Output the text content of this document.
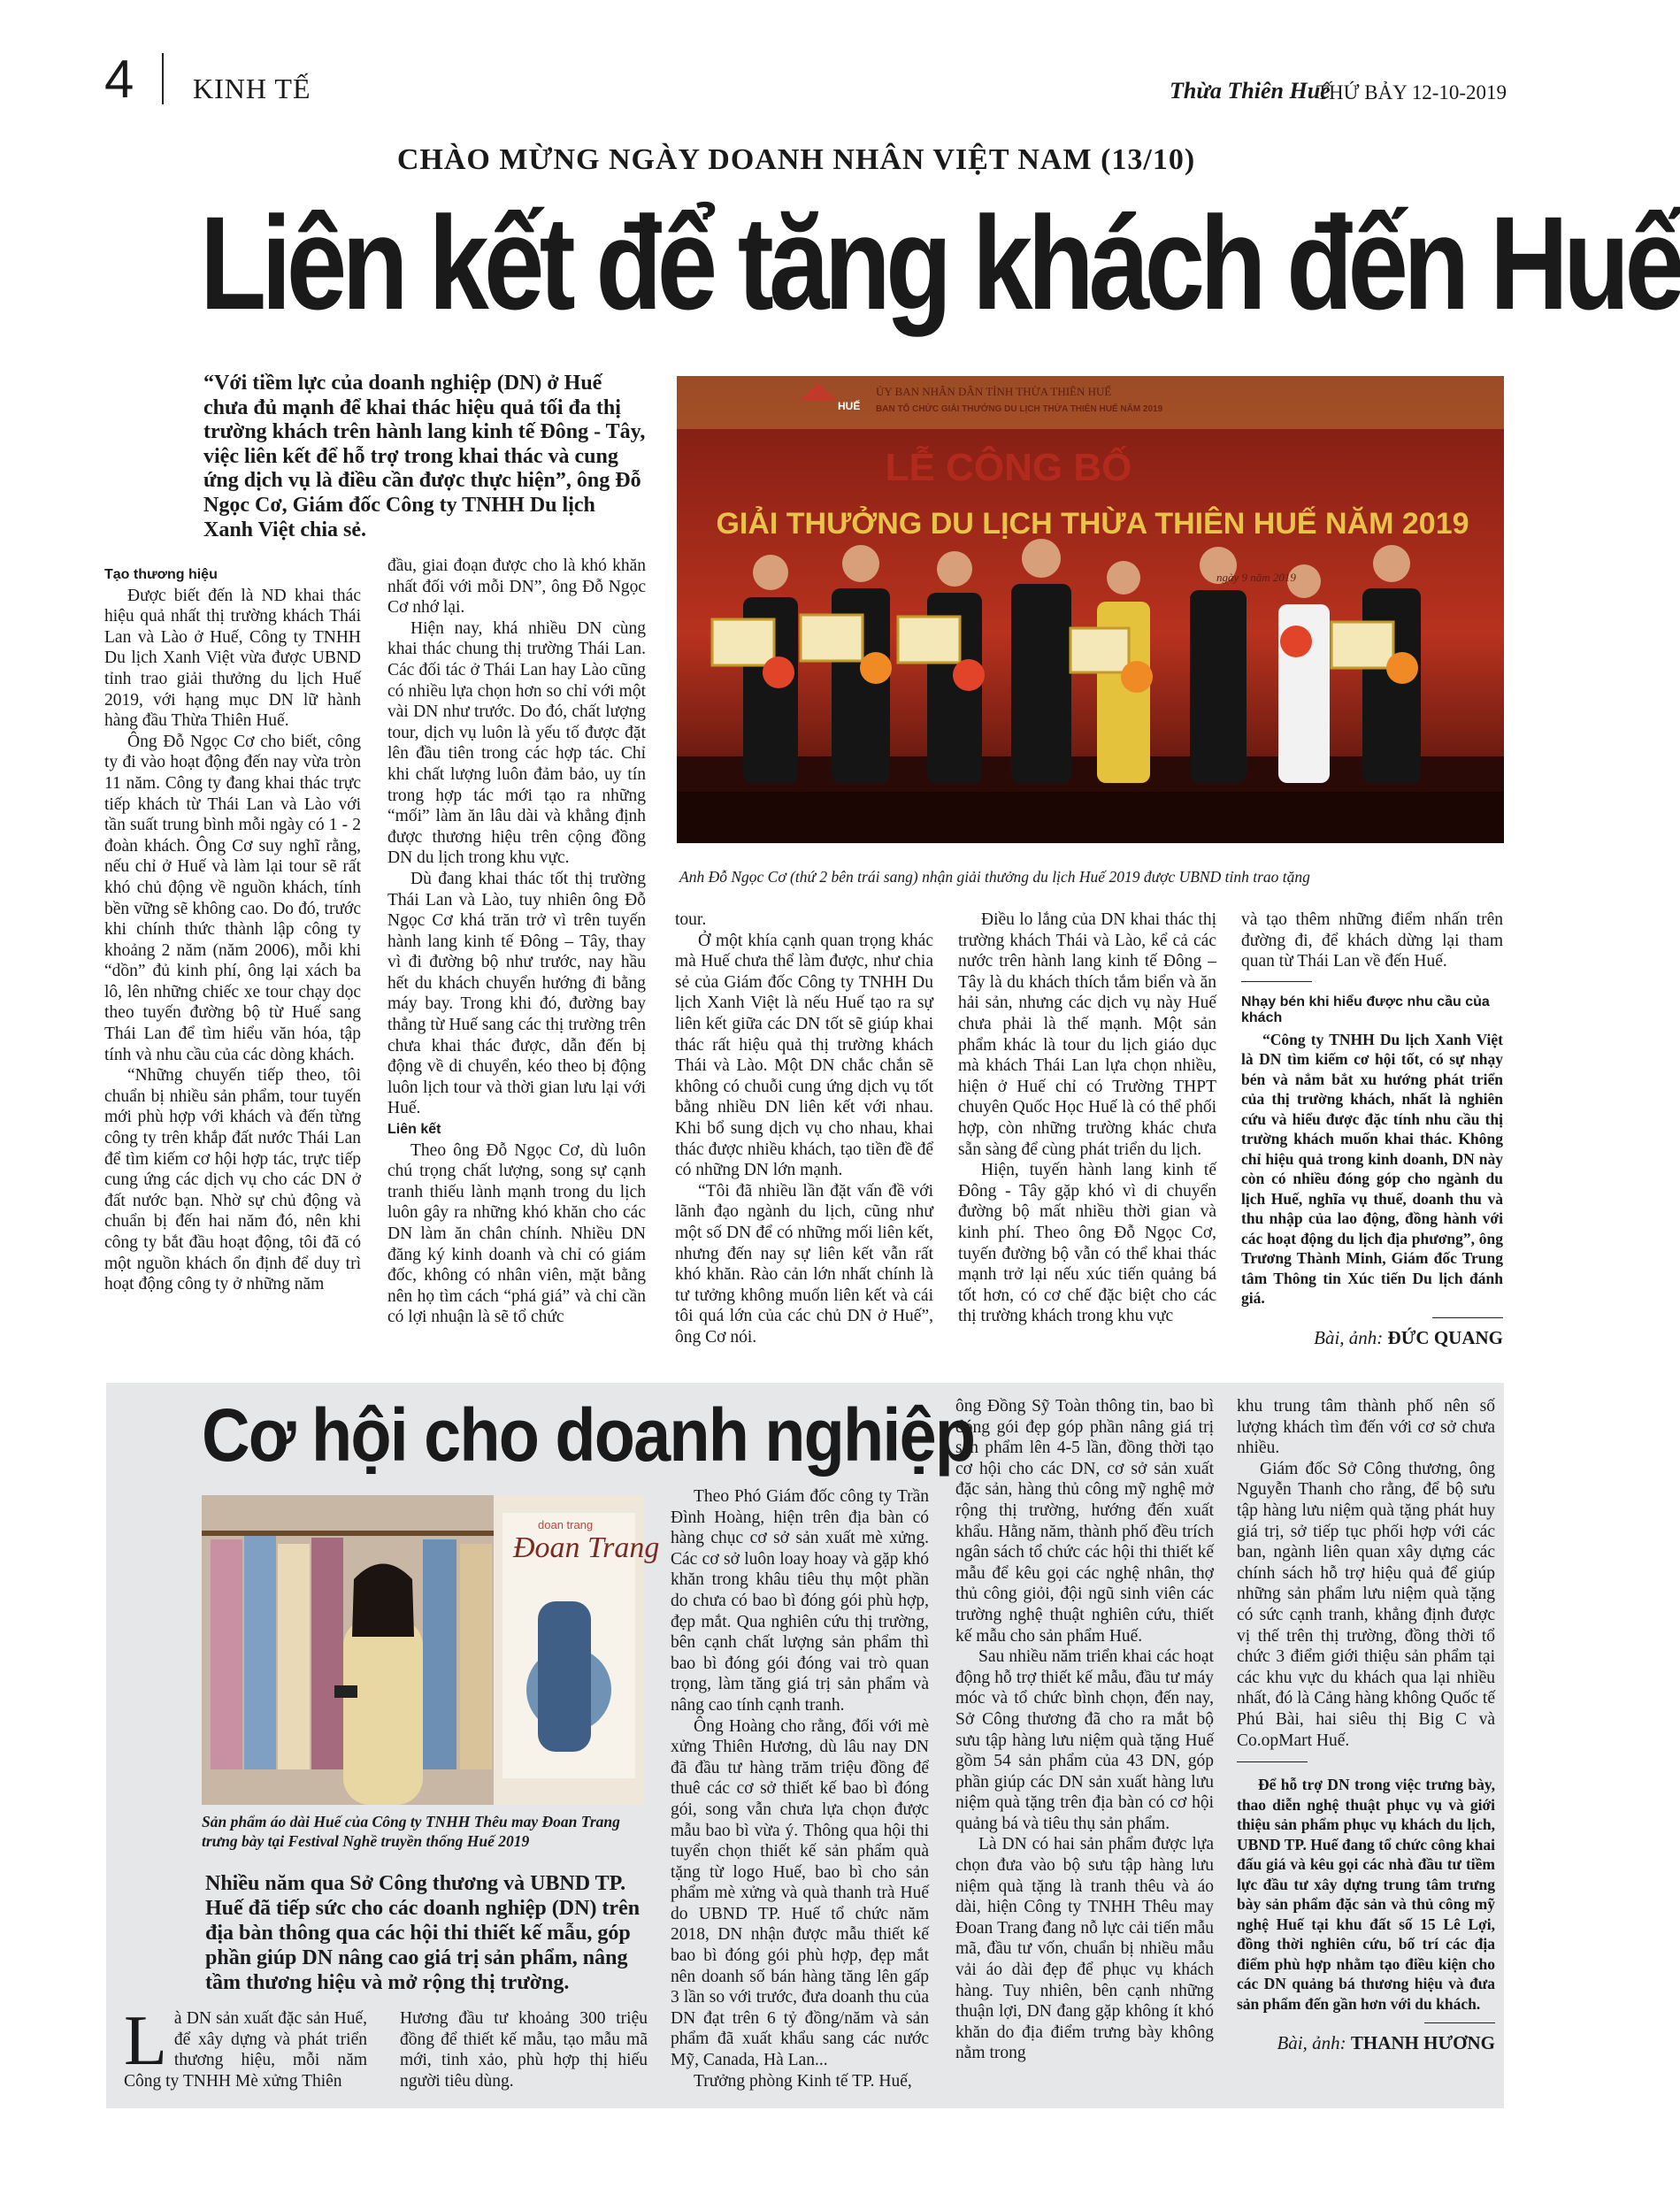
4 KINH TẾ	Thừa Thiên Huế
THỨ BẢY 12-10-2019
CHÀO MỪNG NGÀY DOANH NHÂN VIỆT NAM (13/10)
Liên kết để tăng khách đến Huế
“Với tiềm lực của doanh nghiệp (DN) ở Huế chưa đủ mạnh để khai thác hiệu quả tối đa thị trường khách trên hành lang kinh tế Đông - Tây, việc liên kết để hỗ trợ trong khai thác và cung ứng dịch vụ là điều cần được thực hiện”, ông Đỗ Ngọc Cơ, Giám đốc Công ty TNHH Du lịch Xanh Việt chia sẻ.
HUẾ
ỦY BAN NHÂN DÂN TỈNH THỪA THIÊN HUẾ
BAN TỔ CHỨC GIẢI THƯỞNG DU LỊCH THỪA THIÊN HUẾ NĂM 2019
LỄ CÔNG BỐ
GIẢI THƯỞNG DU LỊCH THỪA THIÊN HUẾ NĂM 2019
ngày 9 năm 2019
Anh Đỗ Ngọc Cơ (thứ 2 bên trái sang) nhận giải thưởng du lịch Huế 2019 được UBND tỉnh trao tặng

Tạo thương hiệu

Được biết đến là ND khai thác hiệu quả nhất thị trường khách Thái Lan và Lào ở Huế, Công ty TNHH Du lịch Xanh Việt vừa được UBND tỉnh trao giải thưởng du lịch Huế 2019, với hạng mục DN lữ hành hàng đầu Thừa Thiên Huế.

Ông Đỗ Ngọc Cơ cho biết, công ty đi vào hoạt động đến nay vừa tròn 11 năm. Công ty đang khai thác trực tiếp khách từ Thái Lan và Lào với tần suất trung bình mỗi ngày có 1 - 2 đoàn khách. Ông Cơ suy nghĩ rằng, nếu chỉ ở Huế và làm lại tour sẽ rất khó chủ động về nguồn khách, tính bền vững sẽ không cao. Do đó, trước khi chính thức thành lập công ty khoảng 2 năm (năm 2006), mỗi khi “dồn” đủ kinh phí, ông lại xách ba lô, lên những chiếc xe tour chạy dọc theo tuyến đường bộ từ Huế sang Thái Lan để tìm hiểu văn hóa, tập tính và nhu cầu của các dòng khách.

“Những chuyến tiếp theo, tôi chuẩn bị nhiều sản phẩm, tour tuyến mới phù hợp với khách và đến từng công ty trên khắp đất nước Thái Lan để tìm kiếm cơ hội hợp tác, trực tiếp cung ứng các dịch vụ cho các DN ở đất nước bạn. Nhờ sự chủ động và chuẩn bị đến hai năm đó, nên khi công ty bắt đầu hoạt động, tôi đã có một nguồn khách ổn định để duy trì hoạt động công ty ở những năm

đầu, giai đoạn được cho là khó khăn nhất đối với mỗi DN”, ông Đỗ Ngọc Cơ nhớ lại.

Hiện nay, khá nhiều DN cùng khai thác chung thị trường Thái Lan. Các đối tác ở Thái Lan hay Lào cũng có nhiều lựa chọn hơn so chỉ với một vài DN như trước. Do đó, chất lượng tour, dịch vụ luôn là yếu tố được đặt lên đầu tiên trong các hợp tác. Chỉ khi chất lượng luôn đảm bảo, uy tín trong hợp tác mới tạo ra những “mối” làm ăn lâu dài và khẳng định được thương hiệu trên cộng đồng DN du lịch trong khu vực.

Dù đang khai thác tốt thị trường Thái Lan và Lào, tuy nhiên ông Đỗ Ngọc Cơ khá trăn trở vì trên tuyến hành lang kinh tế Đông – Tây, thay vì đi đường bộ như trước, nay hầu hết du khách chuyển hướng đi bằng máy bay. Trong khi đó, đường bay thẳng từ Huế sang các thị trường trên chưa khai thác được, dẫn đến bị động về di chuyển, kéo theo bị động luôn lịch tour và thời gian lưu lại với Huế.

Liên kết

Theo ông Đỗ Ngọc Cơ, dù luôn chú trọng chất lượng, song sự cạnh tranh thiếu lành mạnh trong du lịch luôn gây ra những khó khăn cho các DN làm ăn chân chính. Nhiều DN đăng ký kinh doanh và chỉ có giám đốc, không có nhân viên, mặt bằng nên họ tìm cách “phá giá” và chỉ cần có lợi nhuận là sẽ tổ chức

tour.

Ở một khía cạnh quan trọng khác mà Huế chưa thể làm được, như chia sẻ của Giám đốc Công ty TNHH Du lịch Xanh Việt là nếu Huế tạo ra sự liên kết giữa các DN tốt sẽ giúp khai thác rất hiệu quả thị trường khách Thái và Lào. Một DN chắc chắn sẽ không có chuỗi cung ứng dịch vụ tốt bằng nhiều DN liên kết với nhau. Khi bổ sung dịch vụ cho nhau, khai thác được nhiều khách, tạo tiền đề để có những DN lớn mạnh.

“Tôi đã nhiều lần đặt vấn đề với lãnh đạo ngành du lịch, cũng như một số DN để có những mối liên kết, nhưng đến nay sự liên kết vẫn rất khó khăn. Rào cản lớn nhất chính là tư tưởng không muốn liên kết và cái tôi quá lớn của các chủ DN ở Huế”, ông Cơ nói.

Điều lo lắng của DN khai thác thị trường khách Thái và Lào, kể cả các nước trên hành lang kinh tế Đông – Tây là du khách thích tắm biển và ăn hải sản, nhưng các dịch vụ này Huế chưa phải là thế mạnh. Một sản phẩm khác là tour du lịch giáo dục mà khách Thái Lan lựa chọn nhiều, hiện ở Huế chỉ có Trường THPT chuyên Quốc Học Huế là có thể phối hợp, còn những trường khác chưa sẵn sàng để cùng phát triển du lịch.

Hiện, tuyến hành lang kinh tế Đông - Tây gặp khó vì di chuyển đường bộ mất nhiều thời gian và kinh phí. Theo ông Đỗ Ngọc Cơ, tuyến đường bộ vẫn có thể khai thác mạnh trở lại nếu xúc tiến quảng bá tốt hơn, có cơ chế đặc biệt cho các thị trường khách trong khu vực

và tạo thêm những điểm nhấn trên đường đi, để khách dừng lại tham quan từ Thái Lan về đến Huế.

Nhạy bén khi hiểu được nhu cầu của khách
“Công ty TNHH Du lịch Xanh Việt là DN tìm kiếm cơ hội tốt, có sự nhạy bén và nắm bắt xu hướng phát triển của thị trường khách, nhất là nghiên cứu và hiểu được đặc tính nhu cầu thị trường khách muốn khai thác. Không chỉ hiệu quả trong kinh doanh, DN này còn có nhiều đóng góp cho ngành du lịch Huế, nghĩa vụ thuế, doanh thu và thu nhập của lao động, đồng hành với các hoạt động du lịch địa phương”, ông Trương Thành Minh, Giám đốc Trung tâm Thông tin Xúc tiến Du lịch đánh giá.
Bài, ảnh: ĐỨC QUANG
Cơ hội cho doanh nghiệp
doan trang
Đoan Trang
Sản phẩm áo dài Huế của Công ty TNHH Thêu may Đoan Trang trưng bày tại Festival Nghề truyền thống Huế 2019
Nhiều năm qua Sở Công thương và UBND TP. Huế đã tiếp sức cho các doanh nghiệp (DN) trên địa bàn thông qua các hội thi thiết kế mẫu, góp phần giúp DN nâng cao giá trị sản phẩm, nâng tầm thương hiệu và mở rộng thị trường.
L à DN sản xuất đặc sản Huế, để xây dựng và phát triển thương hiệu, mỗi năm Công ty TNHH Mè xửng Thiên
Hương đầu tư khoảng 300 triệu đồng để thiết kế mẫu, tạo mẫu mã mới, tinh xảo, phù hợp thị hiếu người tiêu dùng.

Theo Phó Giám đốc công ty Trần Đình Hoàng, hiện trên địa bàn có hàng chục cơ sở sản xuất mè xửng. Các cơ sở luôn loay hoay và gặp khó khăn trong khâu tiêu thụ một phần do chưa có bao bì đóng gói phù hợp, đẹp mắt. Qua nghiên cứu thị trường, bên cạnh chất lượng sản phẩm thì bao bì đóng gói đóng vai trò quan trọng, làm tăng giá trị sản phẩm và nâng cao tính cạnh tranh.

Ông Hoàng cho rằng, đối với mè xửng Thiên Hương, dù lâu nay DN đã đầu tư hàng trăm triệu đồng để thuê các cơ sở thiết kế bao bì đóng gói, song vẫn chưa lựa chọn được mẫu bao bì vừa ý. Thông qua hội thi tuyển chọn thiết kế sản phẩm quà tặng từ logo Huế, bao bì cho sản phẩm mè xửng và quà thanh trà Huế do UBND TP. Huế tổ chức năm 2018, DN nhận được mẫu thiết kế bao bì đóng gói phù hợp, đẹp mắt nên doanh số bán hàng tăng lên gấp 3 lần so với trước, đưa doanh thu của DN đạt trên 6 tỷ đồng/năm và sản phẩm đã xuất khẩu sang các nước Mỹ, Canada, Hà Lan...

Trưởng phòng Kinh tế TP. Huế,

ông Đồng Sỹ Toàn thông tin, bao bì đóng gói đẹp góp phần nâng giá trị sản phẩm lên 4-5 lần, đồng thời tạo cơ hội cho các DN, cơ sở sản xuất đặc sản, hàng thủ công mỹ nghệ mở rộng thị trường, hướng đến xuất khẩu. Hằng năm, thành phố đều trích ngân sách tổ chức các hội thi thiết kế mẫu để kêu gọi các nghệ nhân, thợ thủ công giỏi, đội ngũ sinh viên các trường nghệ thuật nghiên cứu, thiết kế mẫu cho sản phẩm Huế.

Sau nhiều năm triển khai các hoạt động hỗ trợ thiết kế mẫu, đầu tư máy móc và tổ chức bình chọn, đến nay, Sở Công thương đã cho ra mắt bộ sưu tập hàng lưu niệm quà tặng Huế gồm 54 sản phẩm của 43 DN, góp phần giúp các DN sản xuất hàng lưu niệm quà tặng trên địa bàn có cơ hội quảng bá và tiêu thụ sản phẩm.

Là DN có hai sản phẩm được lựa chọn đưa vào bộ sưu tập hàng lưu niệm quà tặng là tranh thêu và áo dài, hiện Công ty TNHH Thêu may Đoan Trang đang nỗ lực cải tiến mẫu mã, đầu tư vốn, chuẩn bị nhiều mẫu vải áo dài đẹp để phục vụ khách hàng. Tuy nhiên, bên cạnh những thuận lợi, DN đang gặp không ít khó khăn do địa điểm trưng bày không nằm trong

khu trung tâm thành phố nên số lượng khách tìm đến với cơ sở chưa nhiều.

Giám đốc Sở Công thương, ông Nguyễn Thanh cho rằng, để bộ sưu tập hàng lưu niệm quà tặng phát huy giá trị, sở tiếp tục phối hợp với các ban, ngành liên quan xây dựng các chính sách hỗ trợ hiệu quả để giúp những sản phẩm lưu niệm quà tặng có sức cạnh tranh, khẳng định được vị thế trên thị trường, đồng thời tổ chức 3 điểm giới thiệu sản phẩm tại các khu vực du khách qua lại nhiều nhất, đó là Cảng hàng không Quốc tế Phú Bài, hai siêu thị Big C và Co.opMart Huế.

Để hỗ trợ DN trong việc trưng bày, thao diễn nghệ thuật phục vụ và giới thiệu sản phẩm phục vụ khách du lịch, UBND TP. Huế đang tổ chức công khai đấu giá và kêu gọi các nhà đầu tư tiềm lực đầu tư xây dựng trung tâm trưng bày sản phẩm đặc sản và thủ công mỹ nghệ Huế tại khu đất số 15 Lê Lợi, đồng thời nghiên cứu, bố trí các địa điểm phù hợp nhằm tạo điều kiện cho các DN quảng bá thương hiệu và đưa sản phẩm đến gần hơn với du khách.
Bài, ảnh: THANH HƯƠNG
